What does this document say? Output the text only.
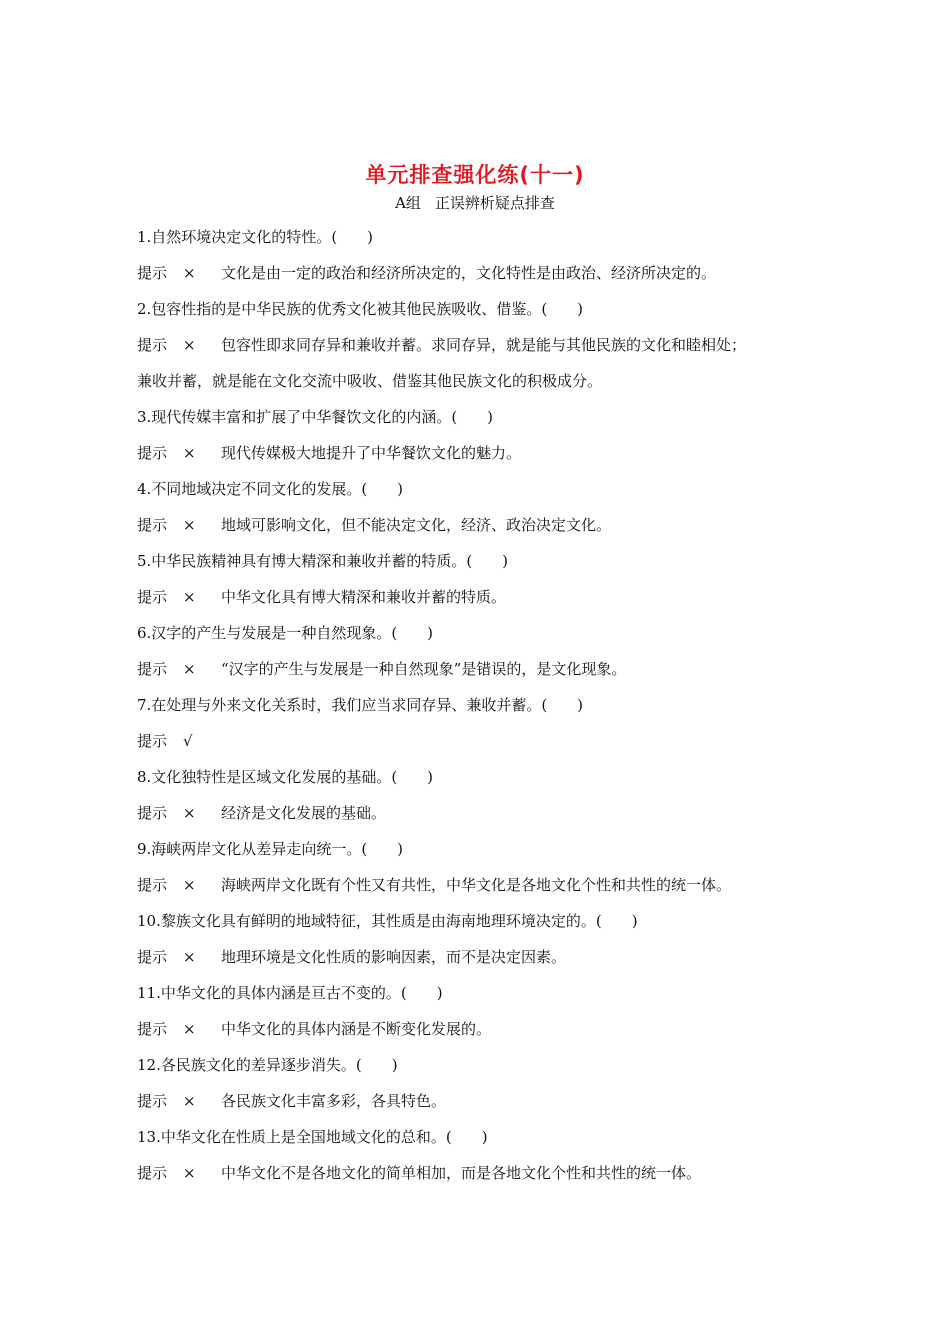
单元排查强化练(十一)
A组 正误辨析疑点排查
1.自然环境决定文化的特性。(　　)
提示 × 文化是由一定的政治和经济所决定的，文化特性是由政治、经济所决定的。
2.包容性指的是中华民族的优秀文化被其他民族吸收、借鉴。(　　)
提示 × 包容性即求同存异和兼收并蓄。求同存异，就是能与其他民族的文化和睦相处；
兼收并蓄，就是能在文化交流中吸收、借鉴其他民族文化的积极成分。
3.现代传媒丰富和扩展了中华餐饮文化的内涵。(　　)
提示 × 现代传媒极大地提升了中华餐饮文化的魅力。
4.不同地域决定不同文化的发展。(　　)
提示 × 地域可影响文化，但不能决定文化，经济、政治决定文化。
5.中华民族精神具有博大精深和兼收并蓄的特质。(　　)
提示 × 中华文化具有博大精深和兼收并蓄的特质。
6.汉字的产生与发展是一种自然现象。(　　)
提示 × “汉字的产生与发展是一种自然现象”是错误的，是文化现象。
7.在处理与外来文化关系时，我们应当求同存异、兼收并蓄。(　　)
提示 √
8.文化独特性是区域文化发展的基础。(　　)
提示 × 经济是文化发展的基础。
9.海峡两岸文化从差异走向统一。(　　)
提示 × 海峡两岸文化既有个性又有共性，中华文化是各地文化个性和共性的统一体。
10.黎族文化具有鲜明的地域特征，其性质是由海南地理环境决定的。(　　)
提示 × 地理环境是文化性质的影响因素，而不是决定因素。
11.中华文化的具体内涵是亘古不变的。(　　)
提示 × 中华文化的具体内涵是不断变化发展的。
12.各民族文化的差异逐步消失。(　　)
提示 × 各民族文化丰富多彩，各具特色。
13.中华文化在性质上是全国地域文化的总和。(　　)
提示 × 中华文化不是各地文化的简单相加，而是各地文化个性和共性的统一体。
